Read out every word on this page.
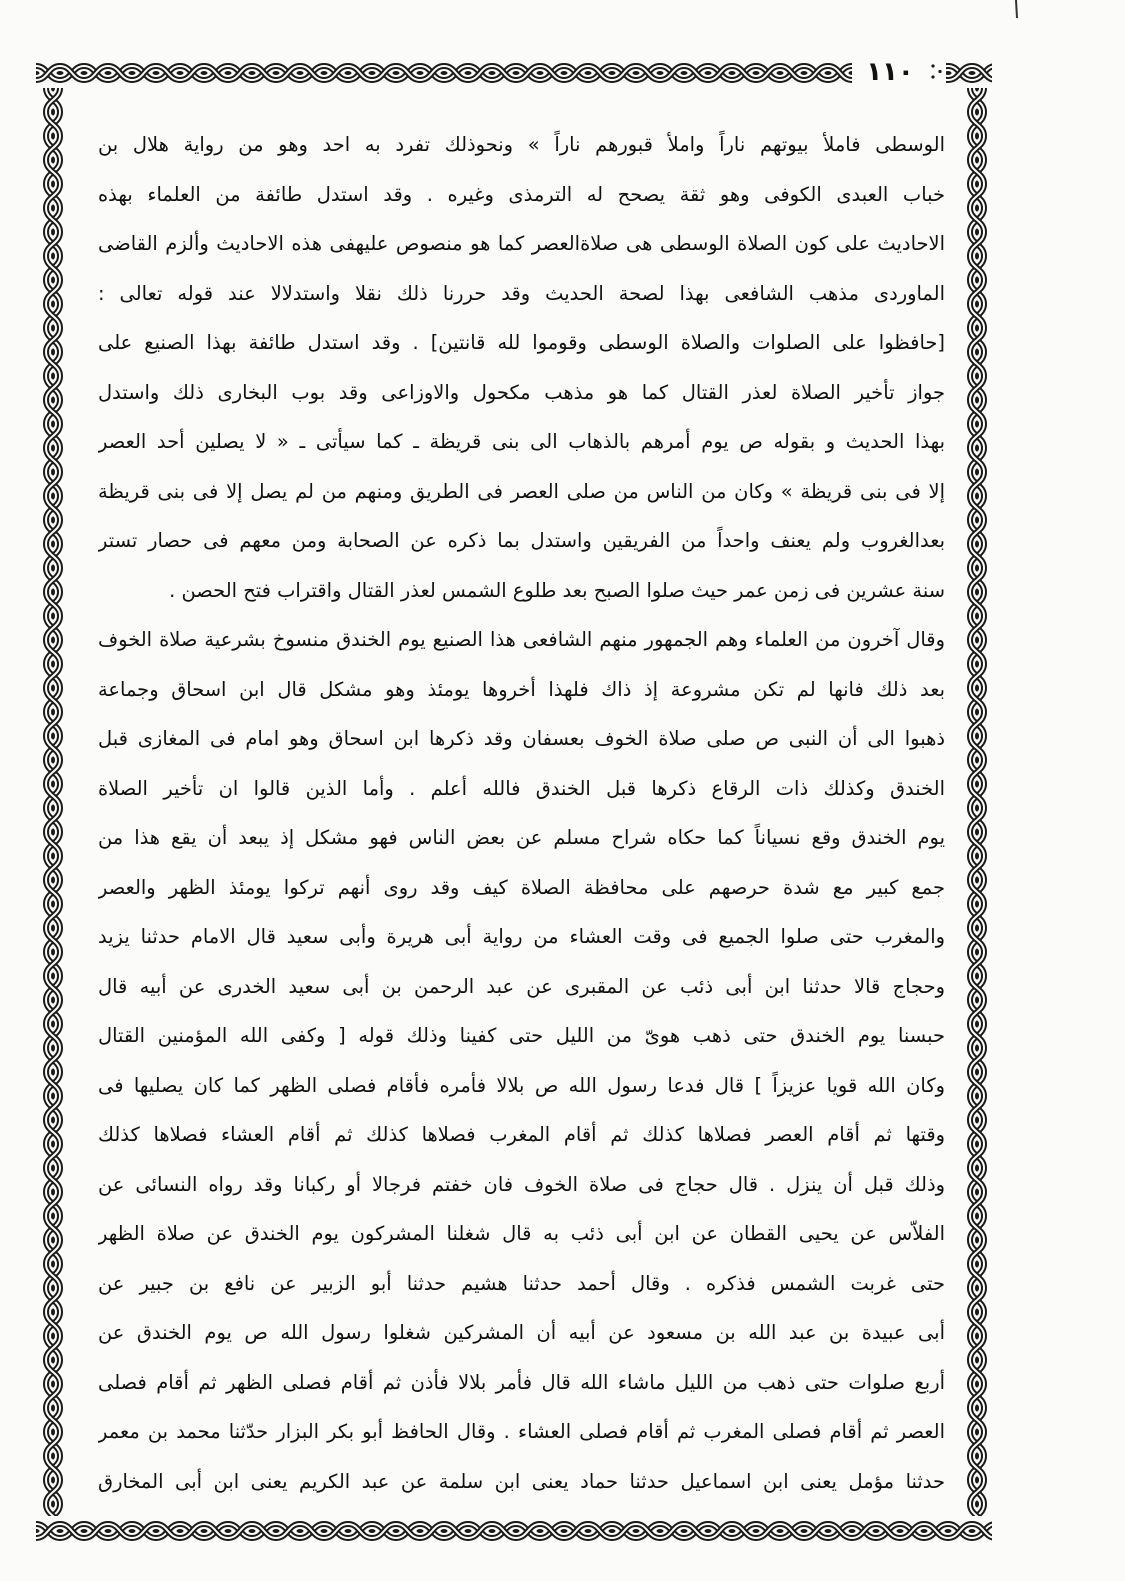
١١٠
الوسطى فاملأ بيوتهم ناراً واملأ قبورهم ناراً » ونحوذلك تفرد به احد وهو من رواية هلال بن
خباب العبدى الكوفى وهو ثقة يصحح له الترمذى وغيره . وقد استدل طائفة من العلماء بهذه
الاحاديث على كون الصلاة الوسطى هى صلاةالعصر كما هو منصوص عليهفى هذه الاحاديث وألزم القاضى
الماوردى مذهب الشافعى بهذا لصحة الحديث وقد حررنا ذلك نقلا واستدلالا عند قوله تعالى :
[حافظوا على الصلوات والصلاة الوسطى وقوموا لله قانتين] . وقد استدل طائفة بهذا الصنيع على
جواز تأخير الصلاة لعذر القتال كما هو مذهب مكحول والاوزاعى وقد بوب البخارى ذلك واستدل
بهذا الحديث و بقوله ص يوم أمرهم بالذهاب الى بنى قريظة ـ كما سيأتى ـ « لا يصلين أحد العصر
إلا فى بنى قريظة » وكان من الناس من صلى العصر فى الطريق ومنهم من لم يصل إلا فى بنى قريظة
بعدالغروب ولم يعنف واحداً من الفريقين واستدل بما ذكره عن الصحابة ومن معهم فى حصار تستر
سنة عشرين فى زمن عمر حيث صلوا الصبح بعد طلوع الشمس لعذر القتال واقتراب فتح الحصن .
وقال آخرون من العلماء وهم الجمهور منهم الشافعى هذا الصنيع يوم الخندق منسوخ بشرعية صلاة الخوف
بعد ذلك فانها لم تكن مشروعة إذ ذاك فلهذا أخروها يومئذ وهو مشكل قال ابن اسحاق وجماعة
ذهبوا الى أن النبى ص صلى صلاة الخوف بعسفان وقد ذكرها ابن اسحاق وهو امام فى المغازى قبل
الخندق وكذلك ذات الرقاع ذكرها قبل الخندق فالله أعلم . وأما الذين قالوا ان تأخير الصلاة
يوم الخندق وقع نسياناً كما حكاه شراح مسلم عن بعض الناس فهو مشكل إذ يبعد أن يقع هذا من
جمع كبير مع شدة حرصهم على محافظة الصلاة كيف وقد روى أنهم تركوا يومئذ الظهر والعصر
والمغرب حتى صلوا الجميع فى وقت العشاء من رواية أبى هريرة وأبى سعيد قال الامام حدثنا يزيد
وحجاج قالا حدثنا ابن أبى ذئب عن المقبرى عن عبد الرحمن بن أبى سعيد الخدرى عن أبيه قال
حبسنا يوم الخندق حتى ذهب هوىّ من الليل حتى كفينا وذلك قوله [ وكفى الله المؤمنين القتال
وكان الله قويا عزيزاً ] قال فدعا رسول الله ص بلالا فأمره فأقام فصلى الظهر كما كان يصليها فى
وقتها ثم أقام العصر فصلاها كذلك ثم أقام المغرب فصلاها كذلك ثم أقام العشاء فصلاها كذلك
وذلك قبل أن ينزل . قال حجاج فى صلاة الخوف فان خفتم فرجالا أو ركبانا وقد رواه النسائى عن
الفلاّس عن يحيى القطان عن ابن أبى ذئب به قال شغلنا المشركون يوم الخندق عن صلاة الظهر
حتى غربت الشمس فذكره . وقال أحمد حدثنا هشيم حدثنا أبو الزبير عن نافع بن جبير عن
أبى عبيدة بن عبد الله بن مسعود عن أبيه أن المشركين شغلوا رسول الله ص يوم الخندق عن
أربع صلوات حتى ذهب من الليل ماشاء الله قال فأمر بلالا فأذن ثم أقام فصلى الظهر ثم أقام فصلى
العصر ثم أقام فصلى المغرب ثم أقام فصلى العشاء . وقال الحافظ أبو بكر البزار حدّثنا محمد بن معمر
حدثنا مؤمل يعنى ابن اسماعيل حدثنا حماد يعنى ابن سلمة عن عبد الكريم يعنى ابن أبى المخارق
